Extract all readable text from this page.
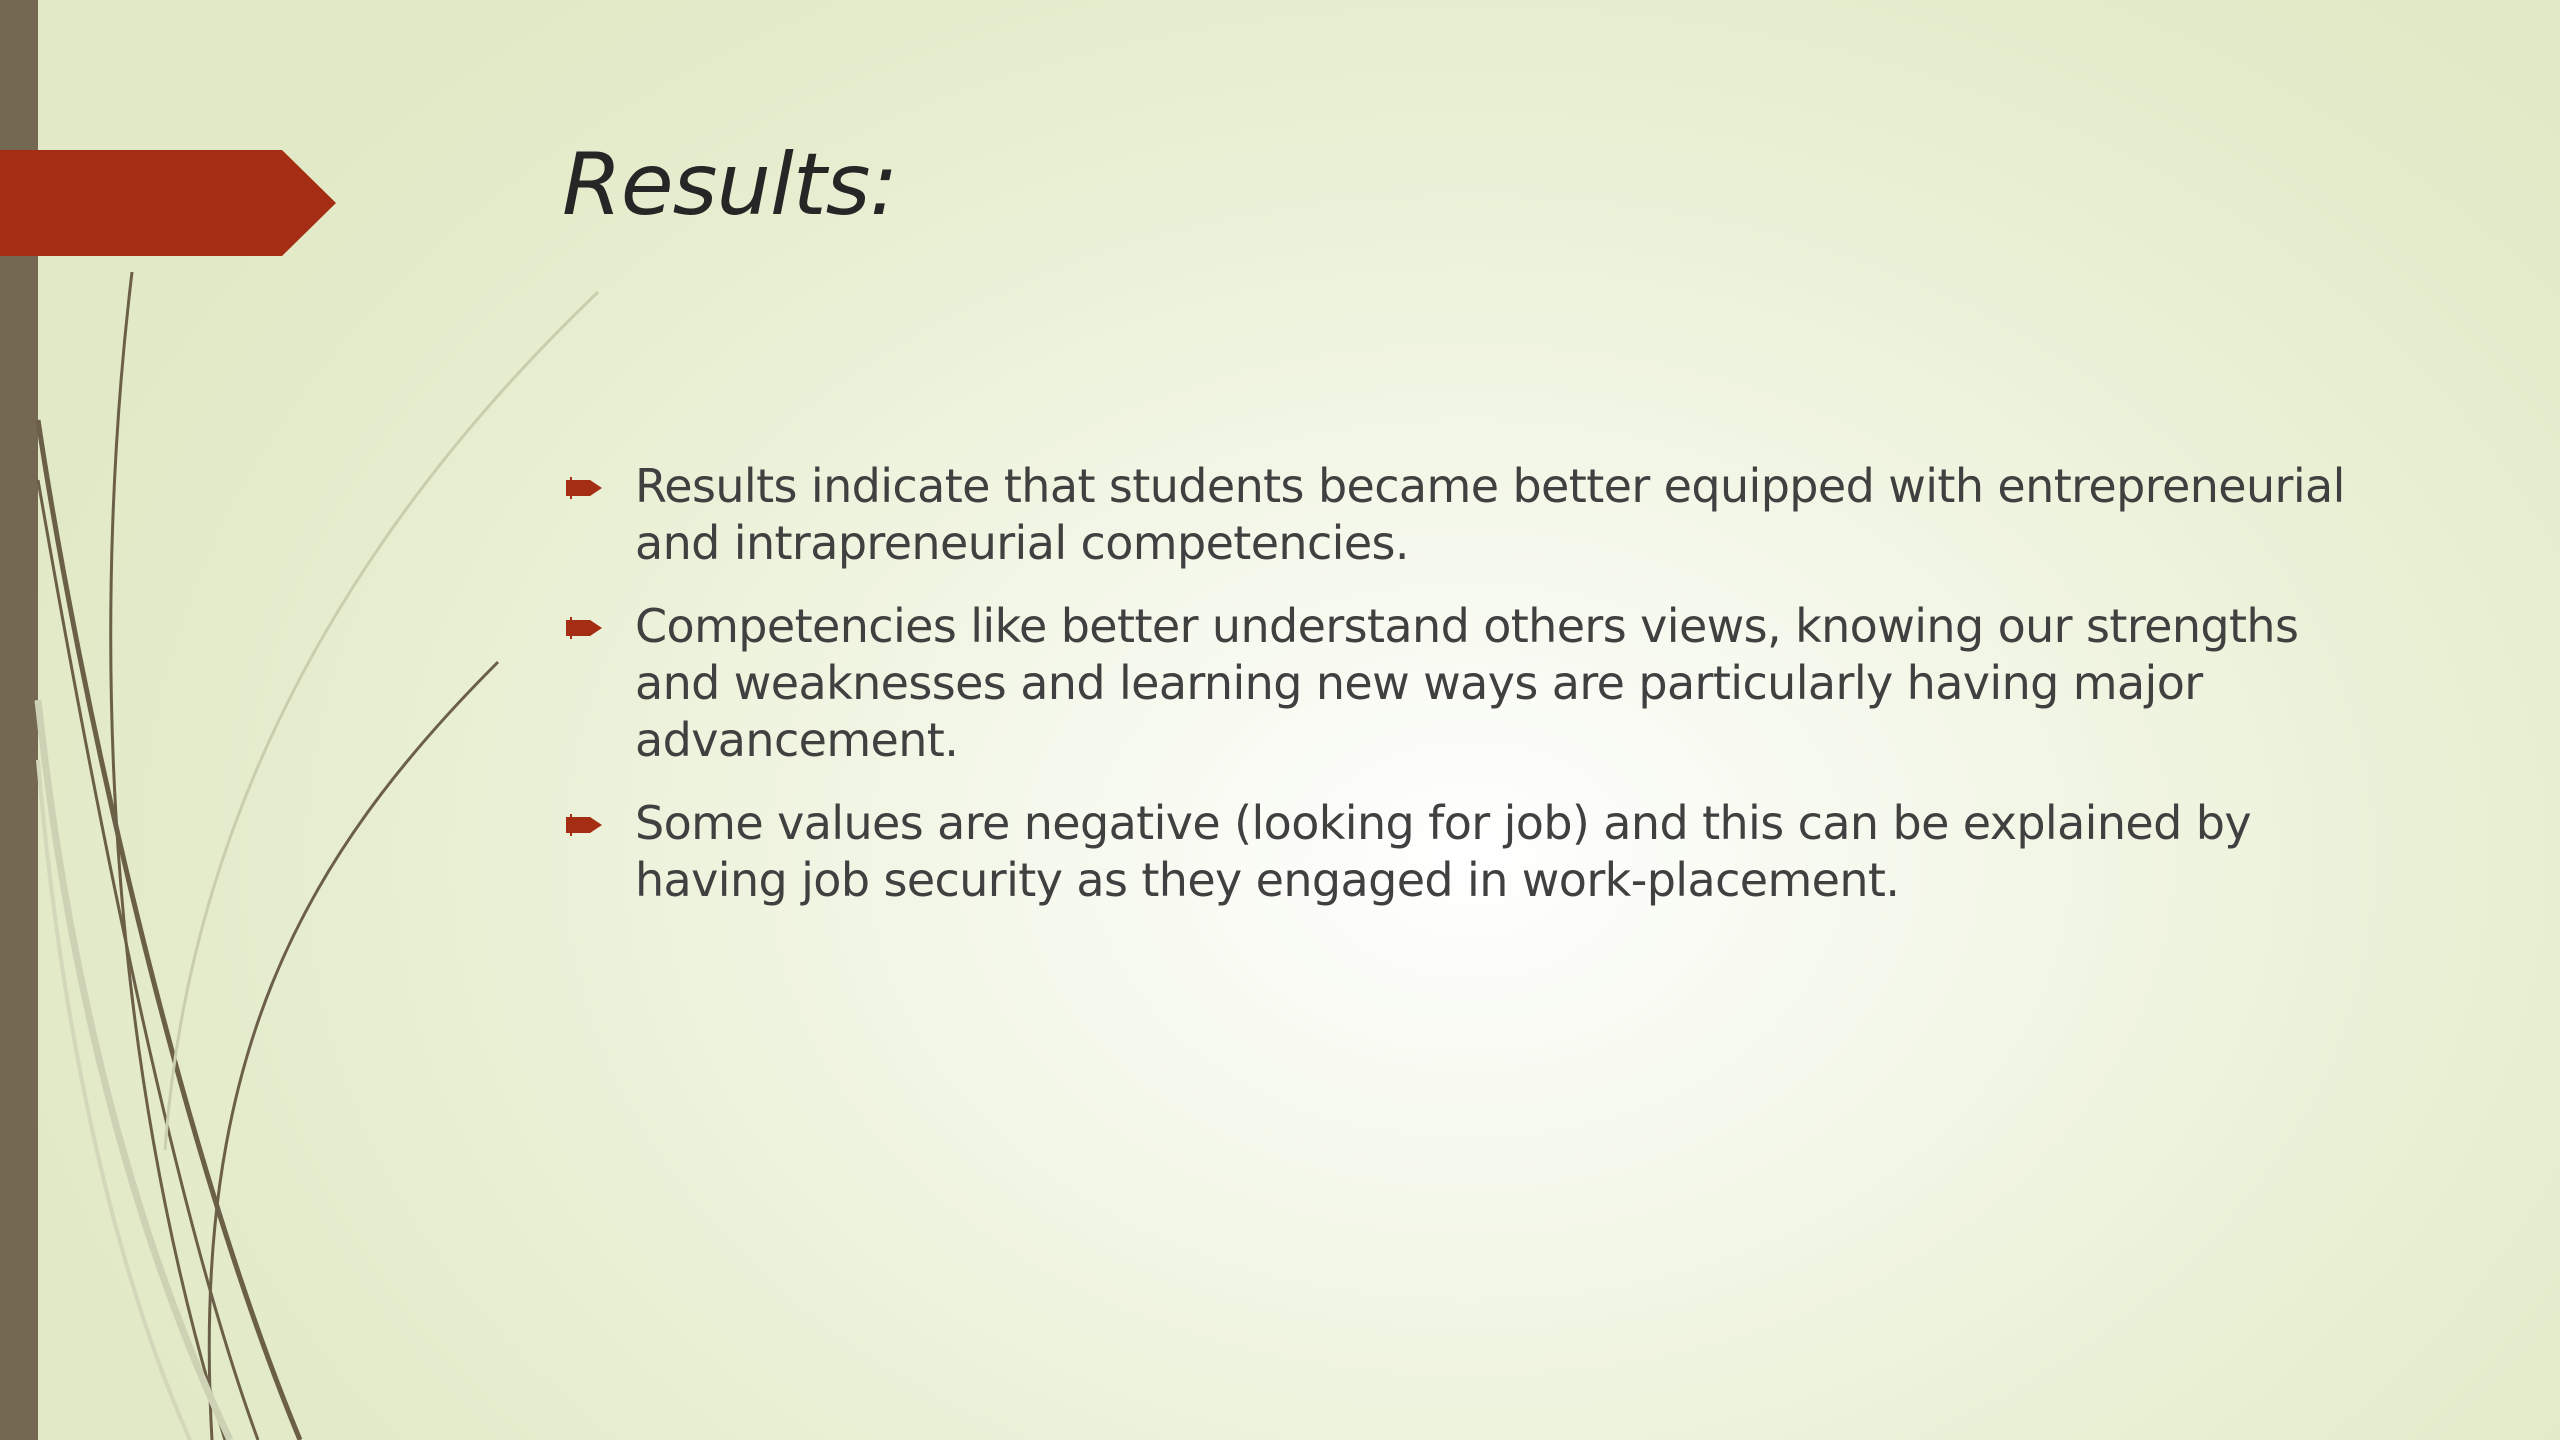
Results:
Results indicate that students became better equipped with entrepreneurial and intrapreneurial competencies.
Competencies like better understand others views, knowing our strengths and weaknesses and learning new ways are particularly having major advancement.
Some values are negative (looking for job) and this can be explained by having job security as they engaged in work-placement.
